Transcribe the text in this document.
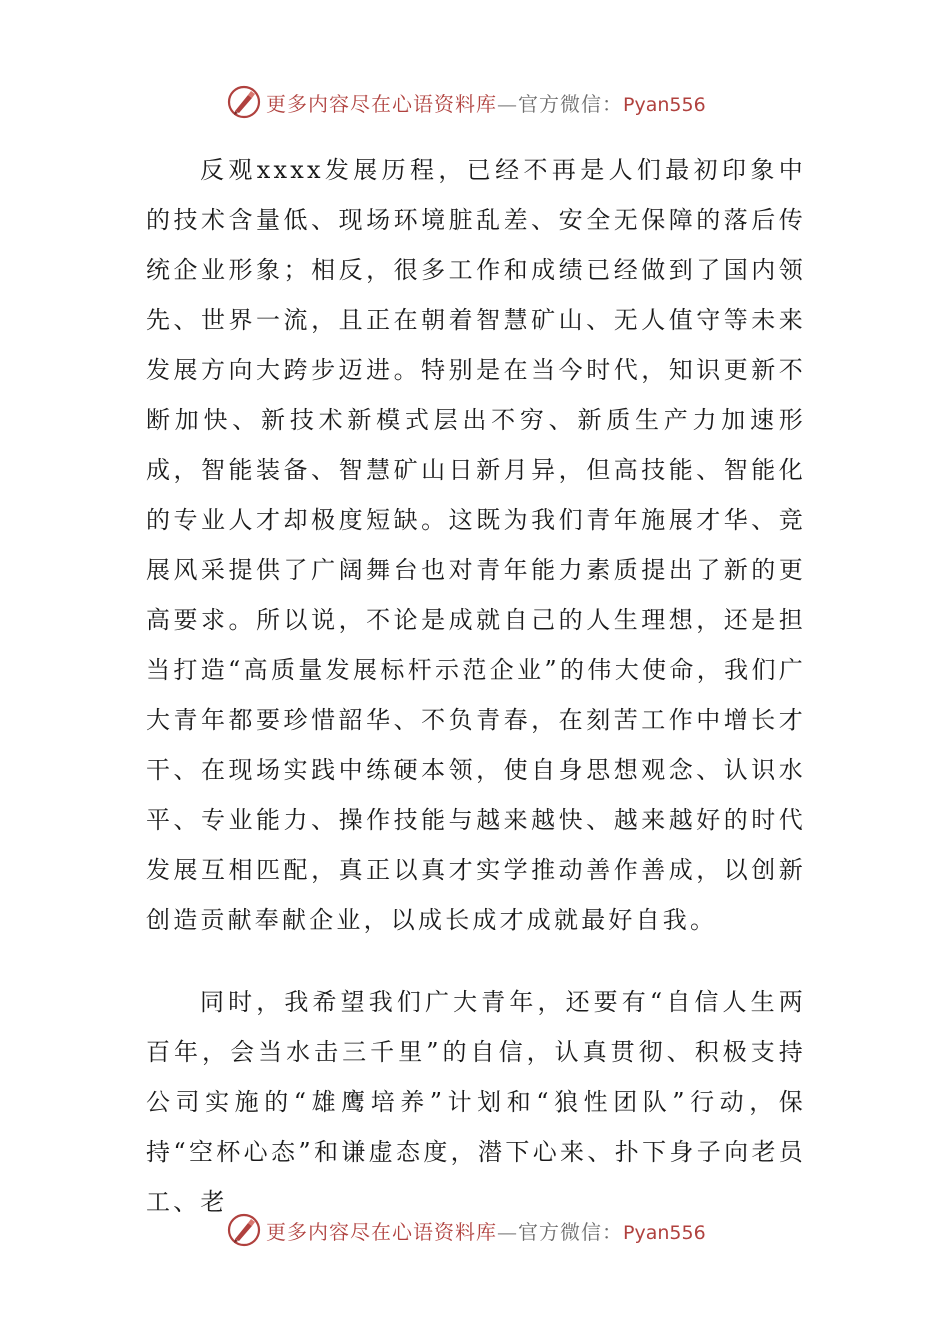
更多内容尽在心语资料库—官方微信：Pyan556

反观xxxx发展历程，已经不再是人们最初印象中的技术含量低、现场环境脏乱差、安全无保障的落后传统企业形象；相反，很多工作和成绩已经做到了国内领先、世界一流，且正在朝着智慧矿山、无人值守等未来发展方向大跨步迈进。特别是在当今时代，知识更新不断加快、新技术新模式层出不穷、新质生产力加速形成，智能装备、智慧矿山日新月异，但高技能、智能化的专业人才却极度短缺。这既为我们青年施展才华、竞展风采提供了广阔舞台也对青年能力素质提出了新的更高要求。所以说，不论是成就自己的人生理想，还是担当打造“高质量发展标杆示范企业”的伟大使命，我们广大青年都要珍惜韶华、不负青春，在刻苦工作中增长才干、在现场实践中练硬本领，使自身思想观念、认识水平、专业能力、操作技能与越来越快、越来越好的时代发展互相匹配，真正以真才实学推动善作善成，以创新创造贡献奉献企业，以成长成才成就最好自我。

同时，我希望我们广大青年，还要有“自信人生两百年，会当水击三千里”的自信，认真贯彻、积极支持公司实施的“雄鹰培养”计划和“狼性团队”行动，保持“空杯心态”和谦虚态度，潜下心来、扑下身子向老员工、老

更多内容尽在心语资料库—官方微信：Pyan556
